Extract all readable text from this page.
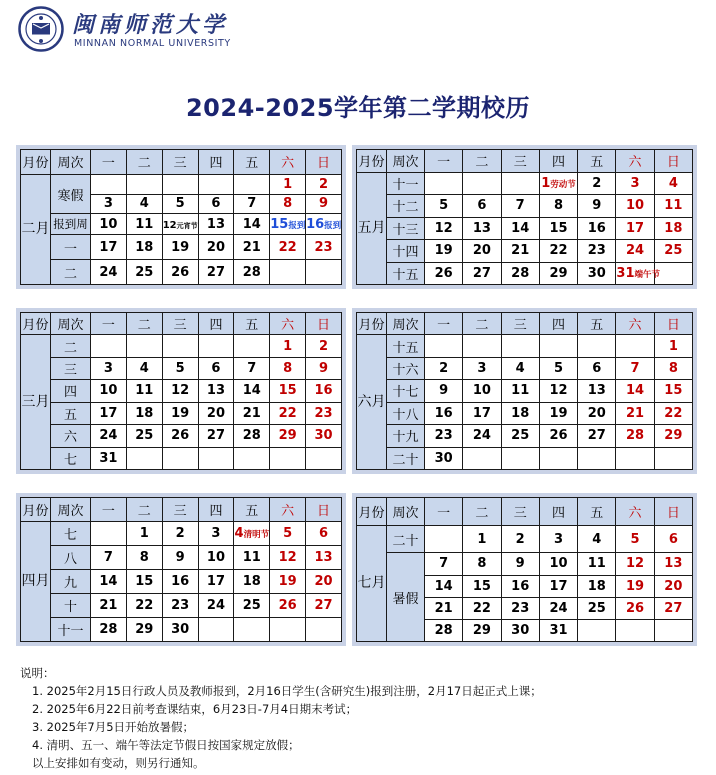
闽南师范大学
MINNAN NORMAL UNIVERSITY
2024-2025学年第二学期校历
月份	周次	一	二	三	四	五	六	日
二月	寒假						1	2
		3	4	5	6	7	8	9
	报到周	10	11	12元宵节	13	14	15报到	16报到
	一	17	18	19	20	21	22	23
	二	24	25	26	27	28		
月份	周次	一	二	三	四	五	六	日
五月	十一				1劳动节	2	3	4
	十二	5	6	7	8	9	10	11
	十三	12	13	14	15	16	17	18
	十四	19	20	21	22	23	24	25
	十五	26	27	28	29	30	31端午节	
月份	周次	一	二	三	四	五	六	日
三月	二						1	2
	三	3	4	5	6	7	8	9
	四	10	11	12	13	14	15	16
	五	17	18	19	20	21	22	23
	六	24	25	26	27	28	29	30
	七	31						
月份	周次	一	二	三	四	五	六	日
六月	十五							1
	十六	2	3	4	5	6	7	8
	十七	9	10	11	12	13	14	15
	十八	16	17	18	19	20	21	22
	十九	23	24	25	26	27	28	29
	二十	30						
月份	周次	一	二	三	四	五	六	日
四月	七		1	2	3	4清明节	5	6
	八	7	8	9	10	11	12	13
	九	14	15	16	17	18	19	20
	十	21	22	23	24	25	26	27
	十一	28	29	30				
月份	周次	一	二	三	四	五	六	日
七月	二十		1	2	3	4	5	6
	暑假	7	8	9	10	11	12	13
		14	15	16	17	18	19	20
		21	22	23	24	25	26	27
		28	29	30	31			
说明：
1. 2025年2月15日行政人员及教师报到，2月16日学生(含研究生)报到注册，2月17日起正式上课；
2. 2025年6月22日前考查课结束，6月23日-7月4日期末考试；
3. 2025年7月5日开始放暑假；
4. 清明、五一、端午等法定节假日按国家规定放假；
以上安排如有变动，则另行通知。
